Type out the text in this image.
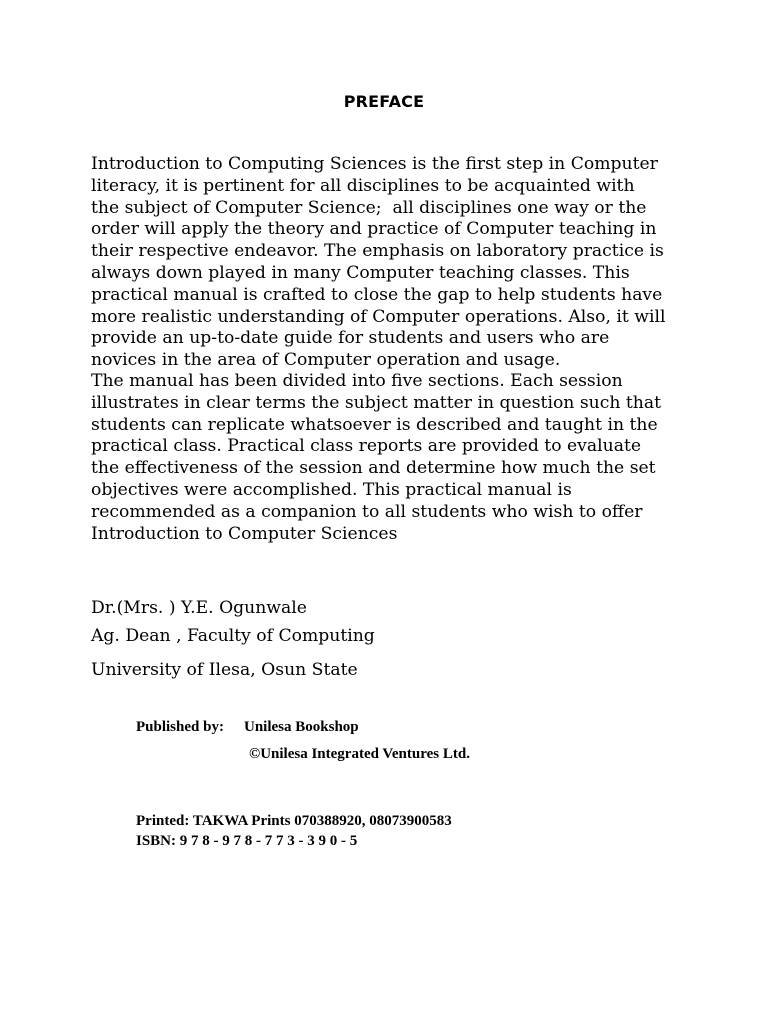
PREFACE
Introduction to Computing Sciences is the first step in Computer
literacy, it is pertinent for all disciplines to be acquainted with
the subject of Computer Science;  all disciplines one way or the
order will apply the theory and practice of Computer teaching in
their respective endeavor. The emphasis on laboratory practice is
always down played in many Computer teaching classes. This
practical manual is crafted to close the gap to help students have
more realistic understanding of Computer operations. Also, it will
provide an up-to-date guide for students and users who are
novices in the area of Computer operation and usage.
The manual has been divided into five sections. Each session
illustrates in clear terms the subject matter in question such that
students can replicate whatsoever is described and taught in the
practical class. Practical class reports are provided to evaluate
the effectiveness of the session and determine how much the set
objectives were accomplished. This practical manual is
recommended as a companion to all students who wish to offer
Introduction to Computer Sciences
Dr.(Mrs. ) Y.E. Ogunwale
Ag. Dean , Faculty of Computing
University of Ilesa, Osun State
Published by: Unilesa Bookshop
©Unilesa Integrated Ventures Ltd.
Printed: TAKWA Prints 070388920, 08073900583
ISBN: 9 7 8 - 9 7 8 - 7 7 3 - 3 9 0 - 5
